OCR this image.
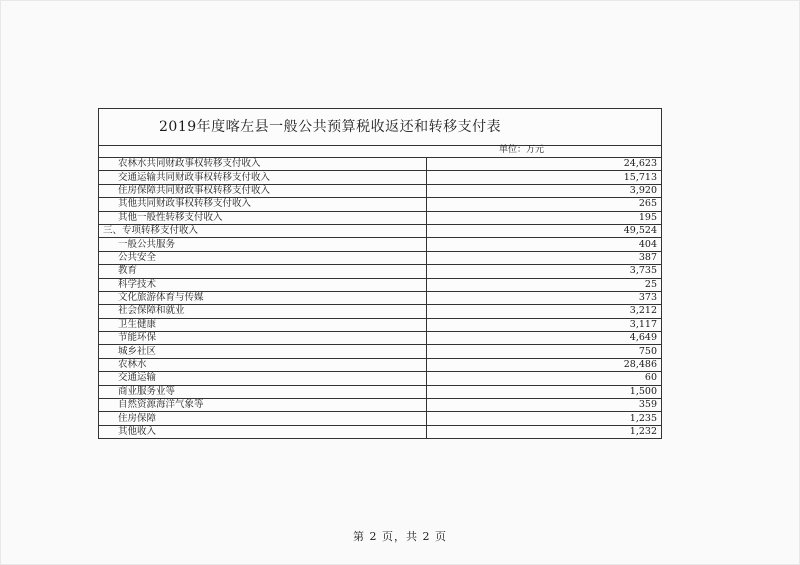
2019年度喀左县一般公共预算税收返还和转移支付表
单位：万元
农林水共同财政事权转移支付收入	24,623
交通运输共同财政事权转移支付收入	15,713
住房保障共同财政事权转移支付收入	3,920
其他共同财政事权转移支付收入	265
其他一般性转移支付收入	195
三、专项转移支付收入	49,524
一般公共服务	404
公共安全	387
教育	3,735
科学技术	25
文化旅游体育与传媒	373
社会保障和就业	3,212
卫生健康	3,117
节能环保	4,649
城乡社区	750
农林水	28,486
交通运输	60
商业服务业等	1,500
自然资源海洋气象等	359
住房保障	1,235
其他收入	1,232
第 2 页，共 2 页
